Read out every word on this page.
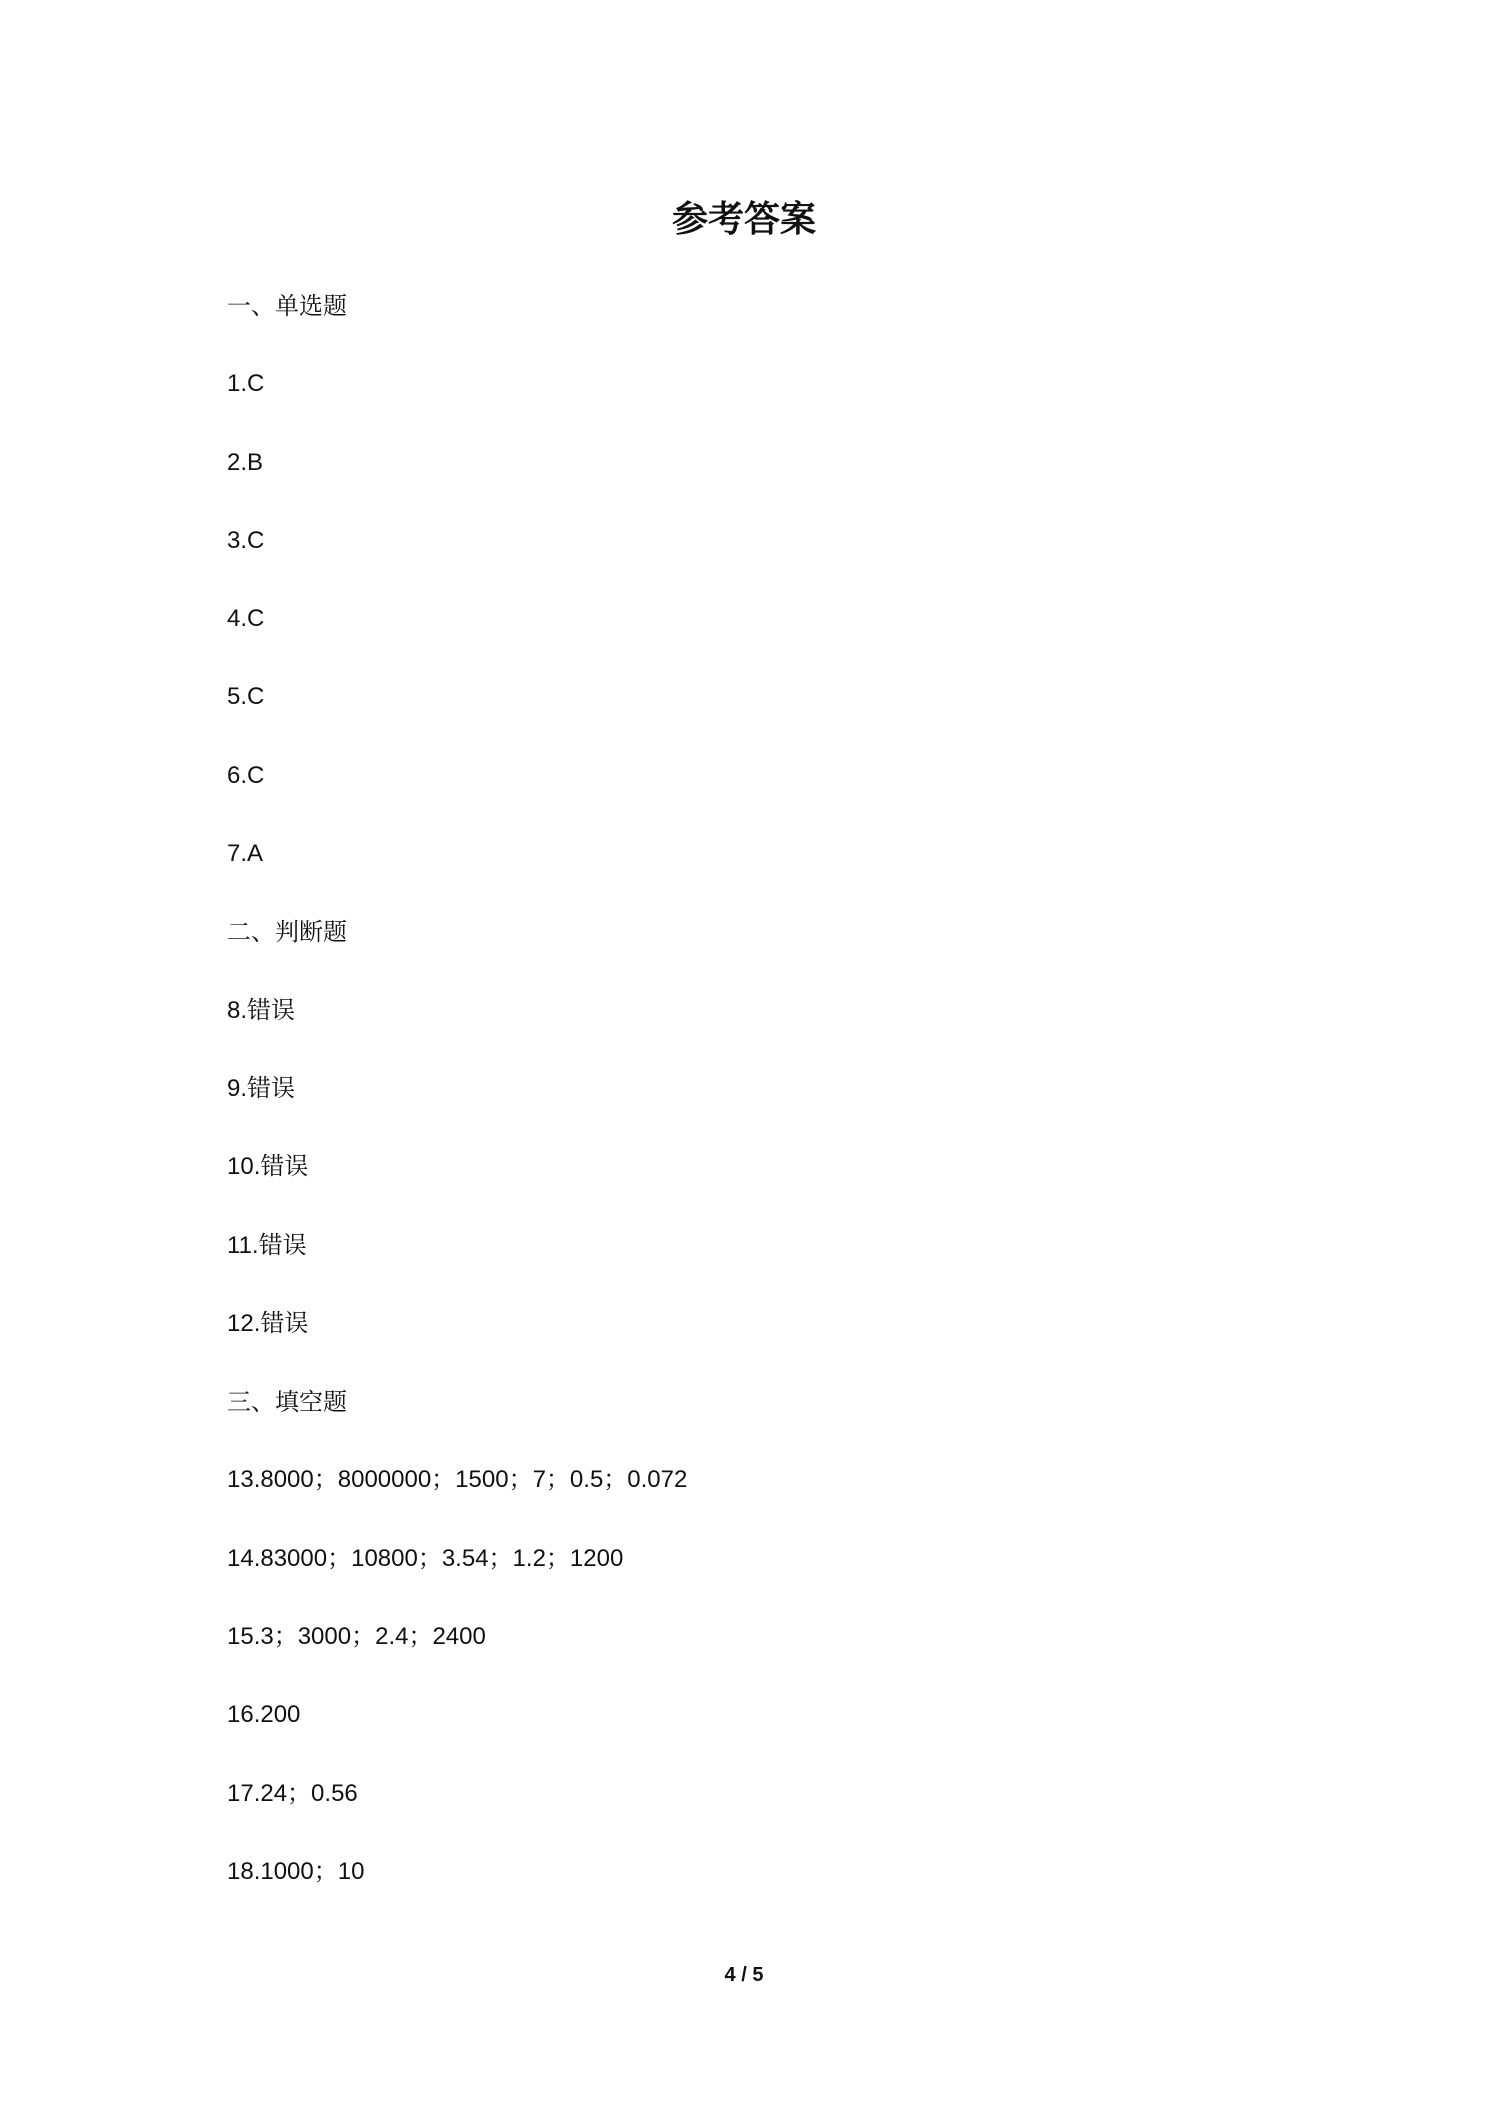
参考答案
一、单选题
1.C
2.B
3.C
4.C
5.C
6.C
7.A
二、判断题
8.错误
9.错误
10.错误
11.错误
12.错误
三、填空题
13.8000；8000000；1500；7；0.5；0.072
14.83000；10800；3.54；1.2；1200
15.3；3000；2.4；2400
16.200
17.24；0.56
18.1000；10
4 / 5
